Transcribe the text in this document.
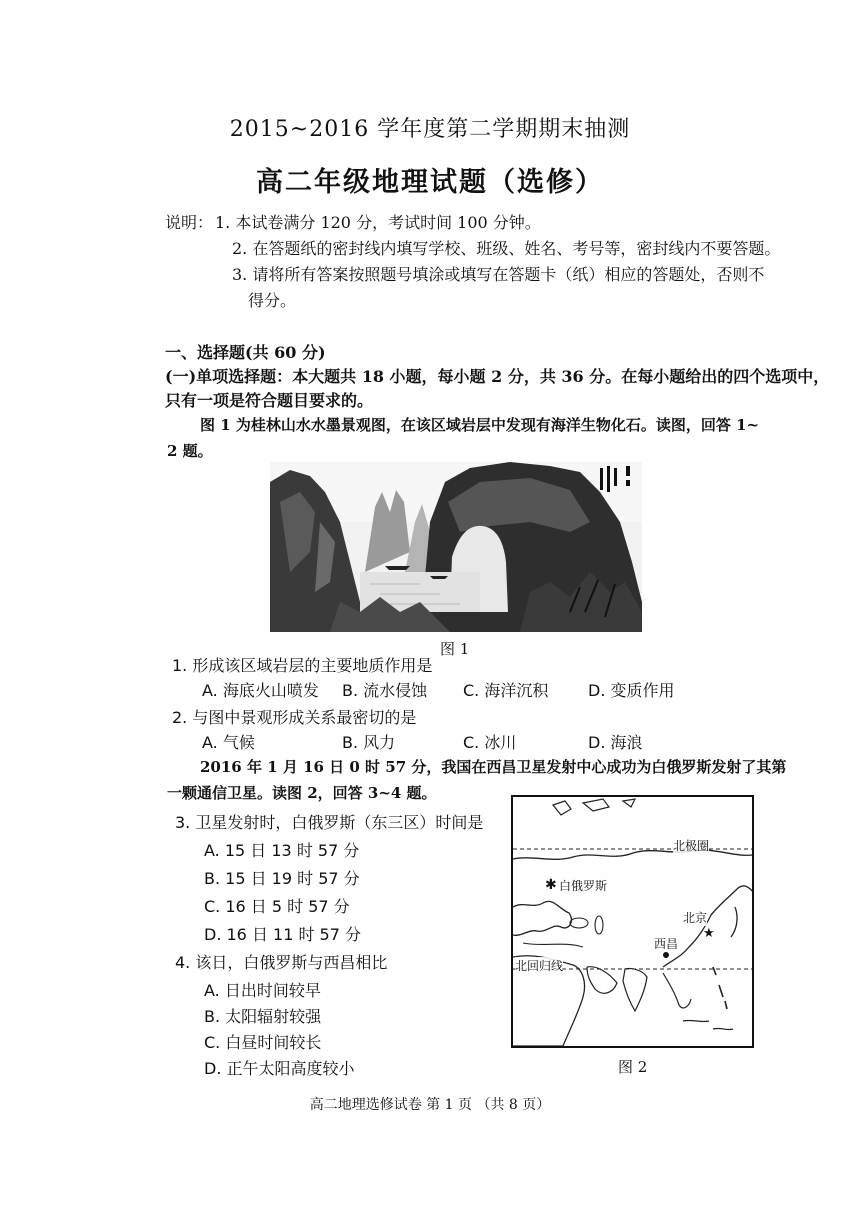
2015~2016 学年度第二学期期末抽测
高二年级地理试题（选修）
说明： 1. 本试卷满分 120 分，考试时间 100 分钟。
2. 在答题纸的密封线内填写学校、班级、姓名、考号等，密封线内不要答题。
3. 请将所有答案按照题号填涂或填写在答题卡（纸）相应的答题处，否则不
得分。
一、选择题(共 60 分)
(一)单项选择题：本大题共 18 小题，每小题 2 分，共 36 分。在每小题给出的四个选项中，
只有一项是符合题目要求的。
图 1 为桂林山水水墨景观图，在该区域岩层中发现有海洋生物化石。读图，回答 1~
2 题。
图 1
1. 形成该区域岩层的主要地质作用是
A. 海底火山喷发 B. 流水侵蚀 C. 海洋沉积 D. 变质作用
2. 与图中景观形成关系最密切的是
A. 气候	B. 风力	C. 冰川	D. 海浪
2016 年 1 月 16 日 0 时 57 分，我国在西昌卫星发射中心成功为白俄罗斯发射了其第
一颗通信卫星。读图 2，回答 3~4 题。
3. 卫星发射时，白俄罗斯（东三区）时间是
A. 15 日 13 时 57 分
B. 15 日 19 时 57 分
C. 16 日 5 时 57 分
D. 16 日 11 时 57 分
4. 该日，白俄罗斯与西昌相比
A. 日出时间较早
B. 太阳辐射较强
C. 白昼时间较长
D. 正午太阳高度较小
✱
★
北极圈
白俄罗斯
北京
西昌
北回归线
图 2
高二地理选修试卷 第 1 页 （共 8 页）
